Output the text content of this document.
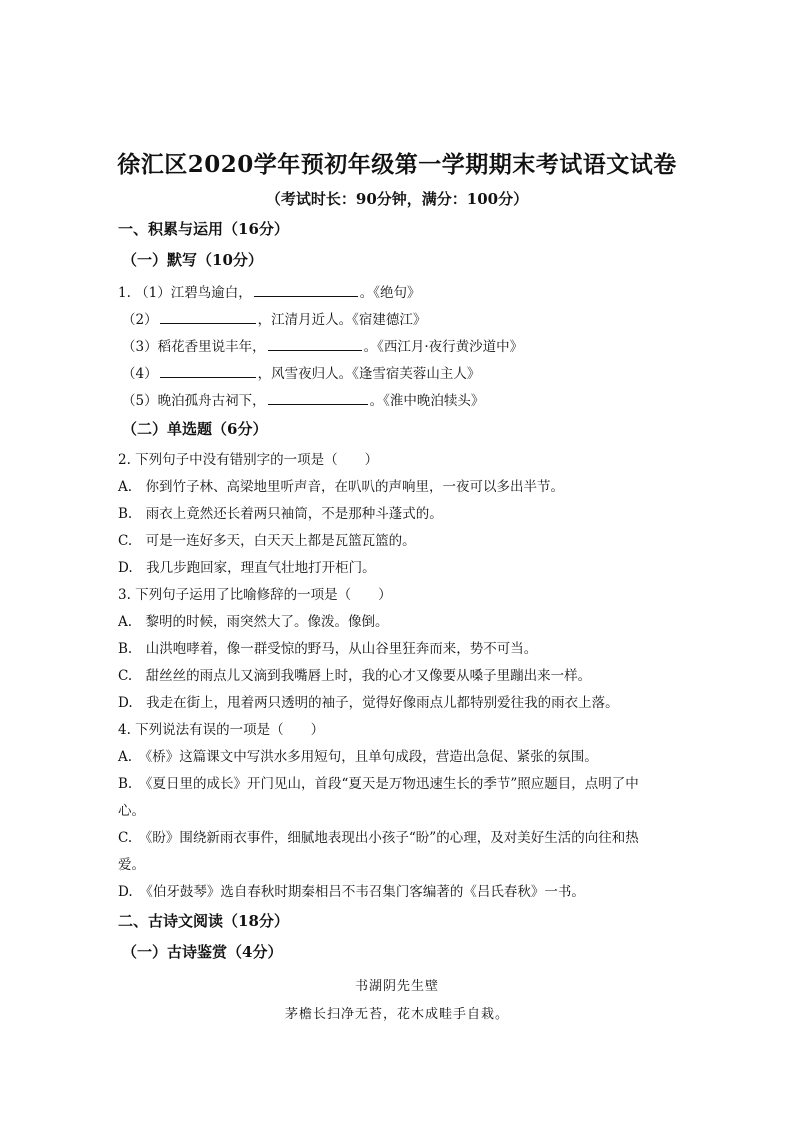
徐汇区2020学年预初年级第一学期期末考试语文试卷
（考试时长：90分钟，满分：100分）
一、积累与运用（16分）
（一）默写（10分）
1. （1）江碧鸟逾白，	。《绝句》
（2）	，江清月近人。《宿建德江》
（3）稻花香里说丰年，	。《西江月·夜行黄沙道中》
（4）	，风雪夜归人。《逢雪宿芙蓉山主人》
（5）晚泊孤舟古祠下，	。《淮中晚泊犊头》
（二）单选题（6分）
2. 下列句子中没有错别字的一项是（　　）
A.　你到竹子林、高梁地里听声音，在叭叭的声响里，一夜可以多出半节。
B.　雨衣上竟然还长着两只袖筒，不是那种斗蓬式的。
C.　可是一连好多天，白天天上都是瓦篮瓦篮的。
D.　我几步跑回家，理直气壮地打开柜门。
3. 下列句子运用了比喻修辞的一项是（　　）
A.　黎明的时候，雨突然大了。像泼。像倒。
B.　山洪咆哮着，像一群受惊的野马，从山谷里狂奔而来，势不可当。
C.　甜丝丝的雨点儿又滴到我嘴唇上时，我的心才又像要从嗓子里蹦出来一样。
D.　我走在街上，甩着两只透明的袖子，觉得好像雨点儿都特别爱往我的雨衣上落。
4. 下列说法有误的一项是（　　）
A.　《桥》这篇课文中写洪水多用短句，且单句成段，营造出急促、紧张的氛围。
B.　《夏日里的成长》开门见山，首段“夏天是万物迅速生长的季节”照应题目，点明了中
心。
C.　《盼》围绕新雨衣事件，细腻地表现出小孩子“盼”的心理，及对美好生活的向往和热
爱。
D.　《伯牙鼓琴》选自春秋时期秦相吕不韦召集门客编著的《吕氏春秋》一书。
二、古诗文阅读（18分）
（一）古诗鉴赏（4分）
书湖阴先生壁
茅檐长扫净无苔，花木成畦手自栽。
